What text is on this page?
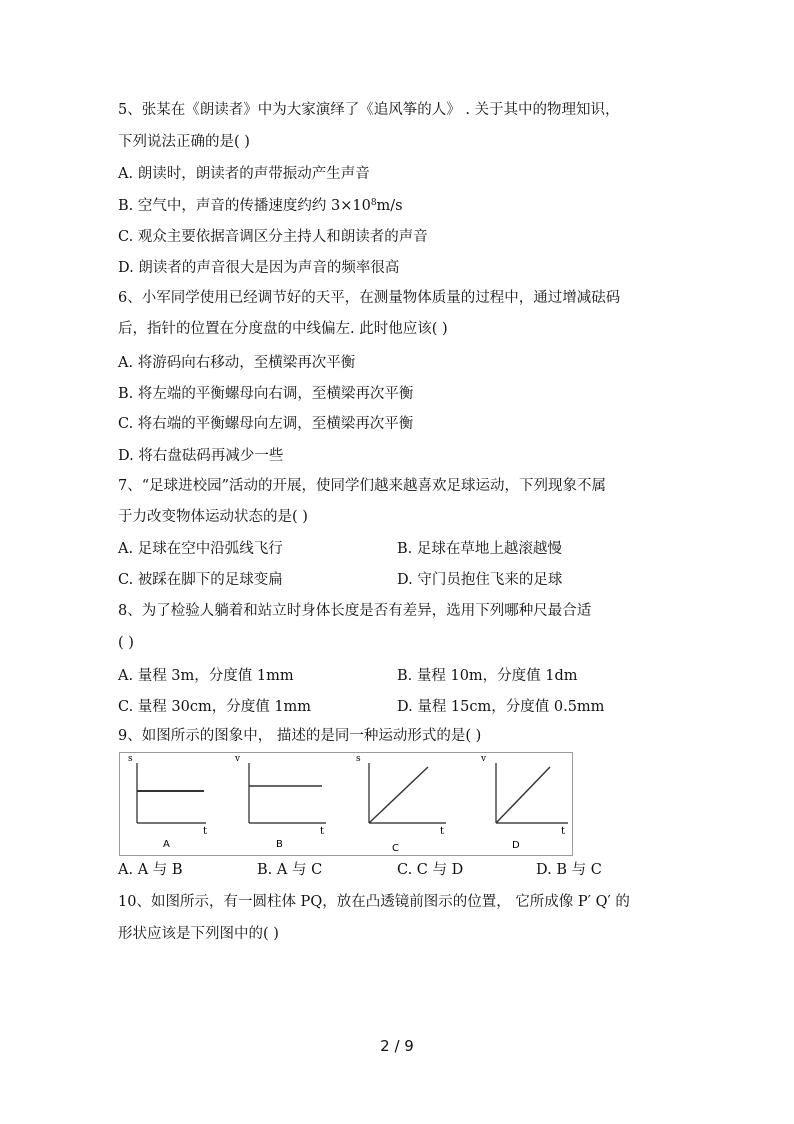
5、张某在《朗读者》中为大家演绎了《追风筝的人》 . 关于其中的物理知识，
下列说法正确的是( )
A. 朗读时，朗读者的声带振动产生声音
B. 空气中，声音的传播速度约约 $3\times 10^8m/s$
C. 观众主要依据音调区分主持人和朗读者的声音
D. 朗读者的声音很大是因为声音的频率很高
6、小军同学使用已经调节好的天平，在测量物体质量的过程中，通过增减砝码
后，指针的位置在分度盘的中线偏左. 此时他应该( )
A. 将游码向右移动，至横梁再次平衡
B. 将左端的平衡螺母向右调，至横梁再次平衡
C. 将右端的平衡螺母向左调，至横梁再次平衡
D. 将右盘砝码再减少一些
7、“足球进校园”活动的开展，使同学们越来越喜欢足球运动，下列现象不属
于力改变物体运动状态的是( )
A. 足球在空中沿弧线飞行	B. 足球在草地上越滚越慢
C. 被踩在脚下的足球变扁	D. 守门员抱住飞来的足球
8、为了检验人躺着和站立时身体长度是否有差异，选用下列哪种尺最合适
( )
A. 量程 3m，分度值 1mm	B. 量程 10m，分度值 1dm
C. 量程 30cm，分度值 1mm	D. 量程 15cm，分度值 0.5mm
9、如图所示的图象中， 描述的是同一种运动形式的是( )
s
t
A
v
t
B
s
t
C
v
t
D
A. A 与 B	B. A 与 C	C. C 与 D	D. B 与 C
10、如图所示，有一圆柱体 PQ，放在凸透镜前图示的位置， 它所成像 P′ Q′ 的
形状应该是下列图中的( )
2 / 9
